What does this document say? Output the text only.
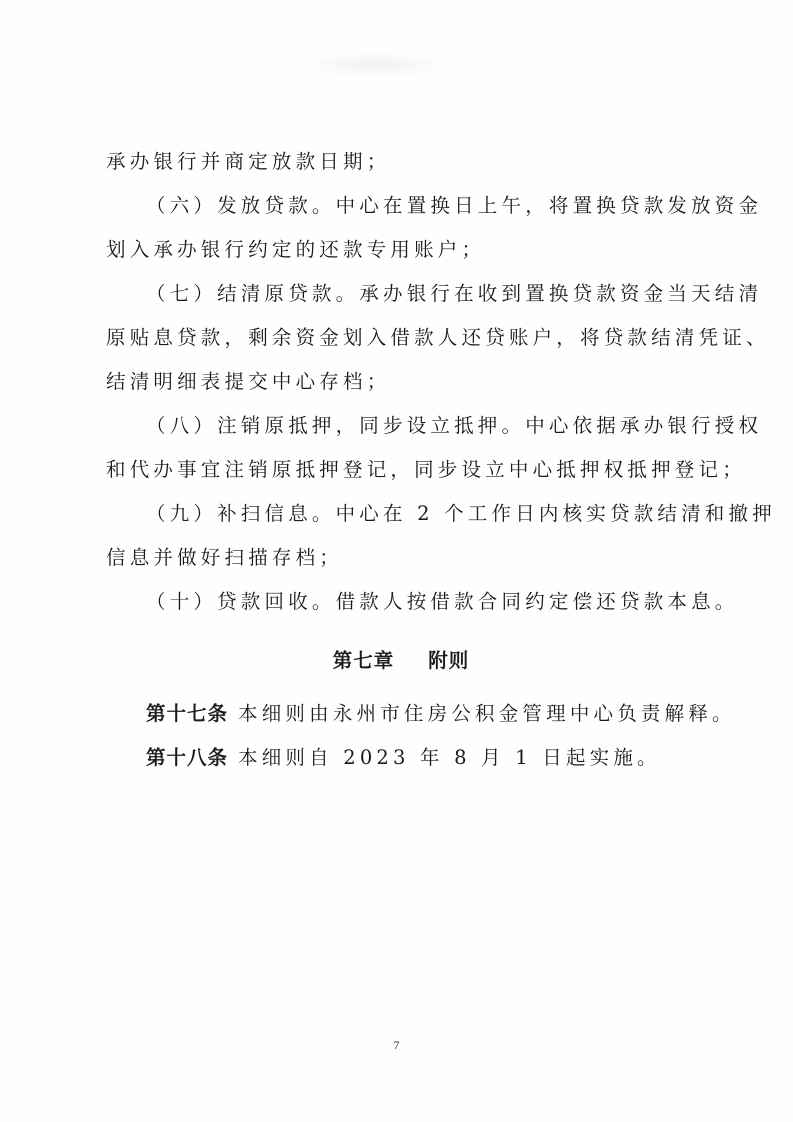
承办银行并商定放款日期；
（六）发放贷款。中心在置换日上午，将置换贷款发放资金
划入承办银行约定的还款专用账户；
（七）结清原贷款。承办银行在收到置换贷款资金当天结清
原贴息贷款，剩余资金划入借款人还贷账户，将贷款结清凭证、
结清明细表提交中心存档；
（八）注销原抵押，同步设立抵押。中心依据承办银行授权
和代办事宜注销原抵押登记，同步设立中心抵押权抵押登记；
（九）补扫信息。中心在 2 个工作日内核实贷款结清和撤押
信息并做好扫描存档；
（十）贷款回收。借款人按借款合同约定偿还贷款本息。
第七章 附则
第十七条 本细则由永州市住房公积金管理中心负责解释。
第十八条 本细则自 2023 年 8 月 1 日起实施。
7
